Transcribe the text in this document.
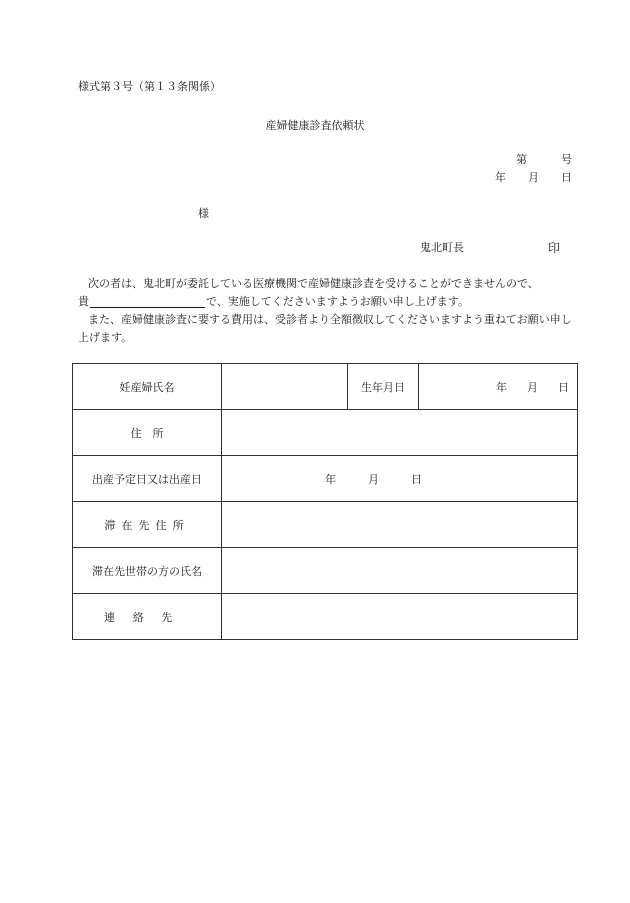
様式第３号（第１３条関係）
産婦健康診査依頼状
第	号
年 月 日
様
鬼北町長	印
次の者は、鬼北町が委託している医療機関で産婦健康診査を受けることができませんので、
貴	で、実施してくださいますようお願い申し上げます。
また、産婦健康診査に要する費用は、受診者より全額徴収してくださいますよう重ねてお願い申し
上げます。
妊産婦氏名		生年月日	年 月 日
住　所			
出産予定日又は出産日	年 月 日		
滞在先住所			
滞在先世帯の方の氏名			
連絡先			
